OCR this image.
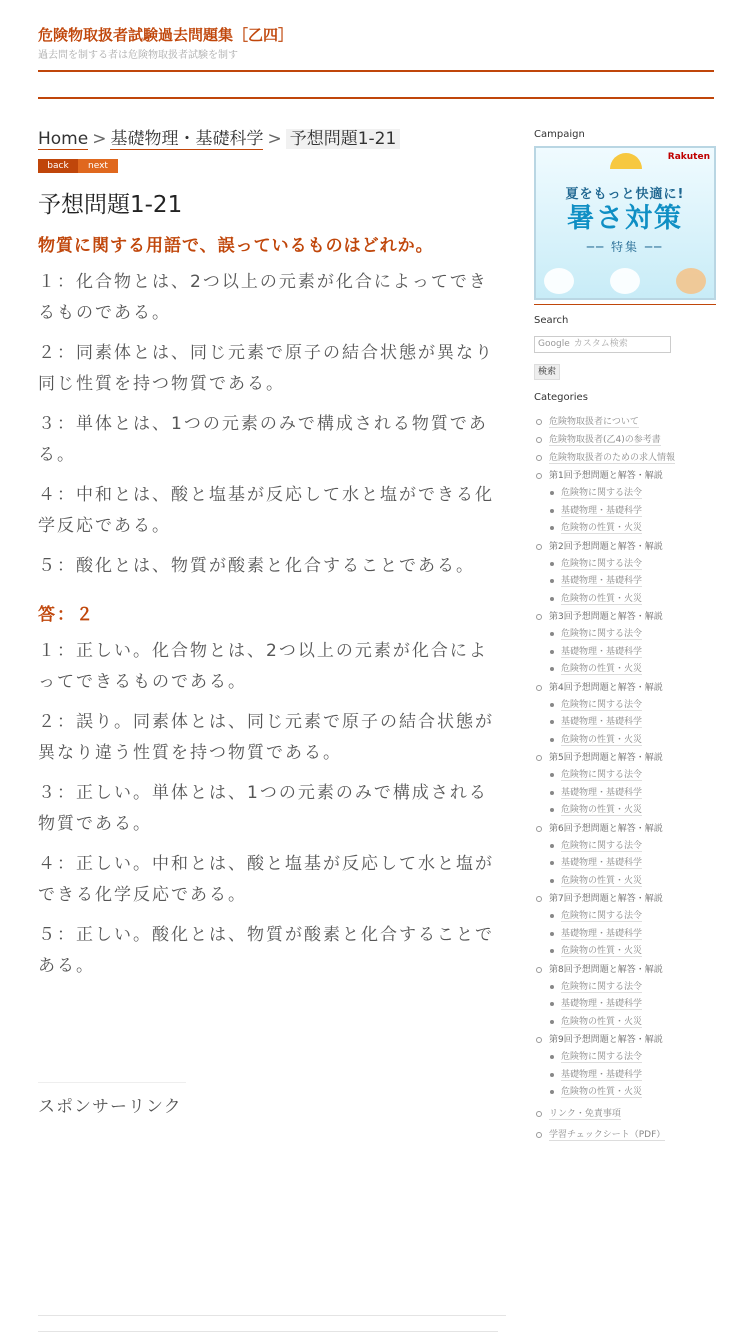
危険物取扱者試験過去問題集［乙四］
過去問を制する者は危険物取扱者試験を制す
Home > 基礎物理・基礎科学 > 予想問題1-21
back	next
予想問題1-21
物質に関する用語で、誤っているものはどれか。

１：化合物とは、2つ以上の元素が化合によってできるものである。

２：同素体とは、同じ元素で原子の結合状態が異なり同じ性質を持つ物質である。

３：単体とは、1つの元素のみで構成される物質である。

４：中和とは、酸と塩基が反応して水と塩ができる化学反応である。

５：酸化とは、物質が酸素と化合することである。

答：２

１：正しい。化合物とは、2つ以上の元素が化合によってできるものである。

２：誤り。同素体とは、同じ元素で原子の結合状態が異なり違う性質を持つ物質である。

３：正しい。単体とは、1つの元素のみで構成される物質である。

４：正しい。中和とは、酸と塩基が反応して水と塩ができる化学反応である。

５：正しい。酸化とは、物質が酸素と化合することである。

スポンサーリンク
Campaign
Rakuten
夏をもっと快適に!
暑さ対策
── 特集 ──
Search
Google カスタム検索
検索
Categories
危険物取扱者について
危険物取扱者(乙4)の参考書
危険物取扱者のための求人情報
第1回予想問題と解答・解説
危険物に関する法令
基礎物理・基礎科学
危険物の性質・火災
第2回予想問題と解答・解説
危険物に関する法令
基礎物理・基礎科学
危険物の性質・火災
第3回予想問題と解答・解説
危険物に関する法令
基礎物理・基礎科学
危険物の性質・火災
第4回予想問題と解答・解説
危険物に関する法令
基礎物理・基礎科学
危険物の性質・火災
第5回予想問題と解答・解説
危険物に関する法令
基礎物理・基礎科学
危険物の性質・火災
第6回予想問題と解答・解説
危険物に関する法令
基礎物理・基礎科学
危険物の性質・火災
第7回予想問題と解答・解説
危険物に関する法令
基礎物理・基礎科学
危険物の性質・火災
第8回予想問題と解答・解説
危険物に関する法令
基礎物理・基礎科学
危険物の性質・火災
第9回予想問題と解答・解説
危険物に関する法令
基礎物理・基礎科学
危険物の性質・火災
リンク・免責事項
学習チェックシート（PDF）
